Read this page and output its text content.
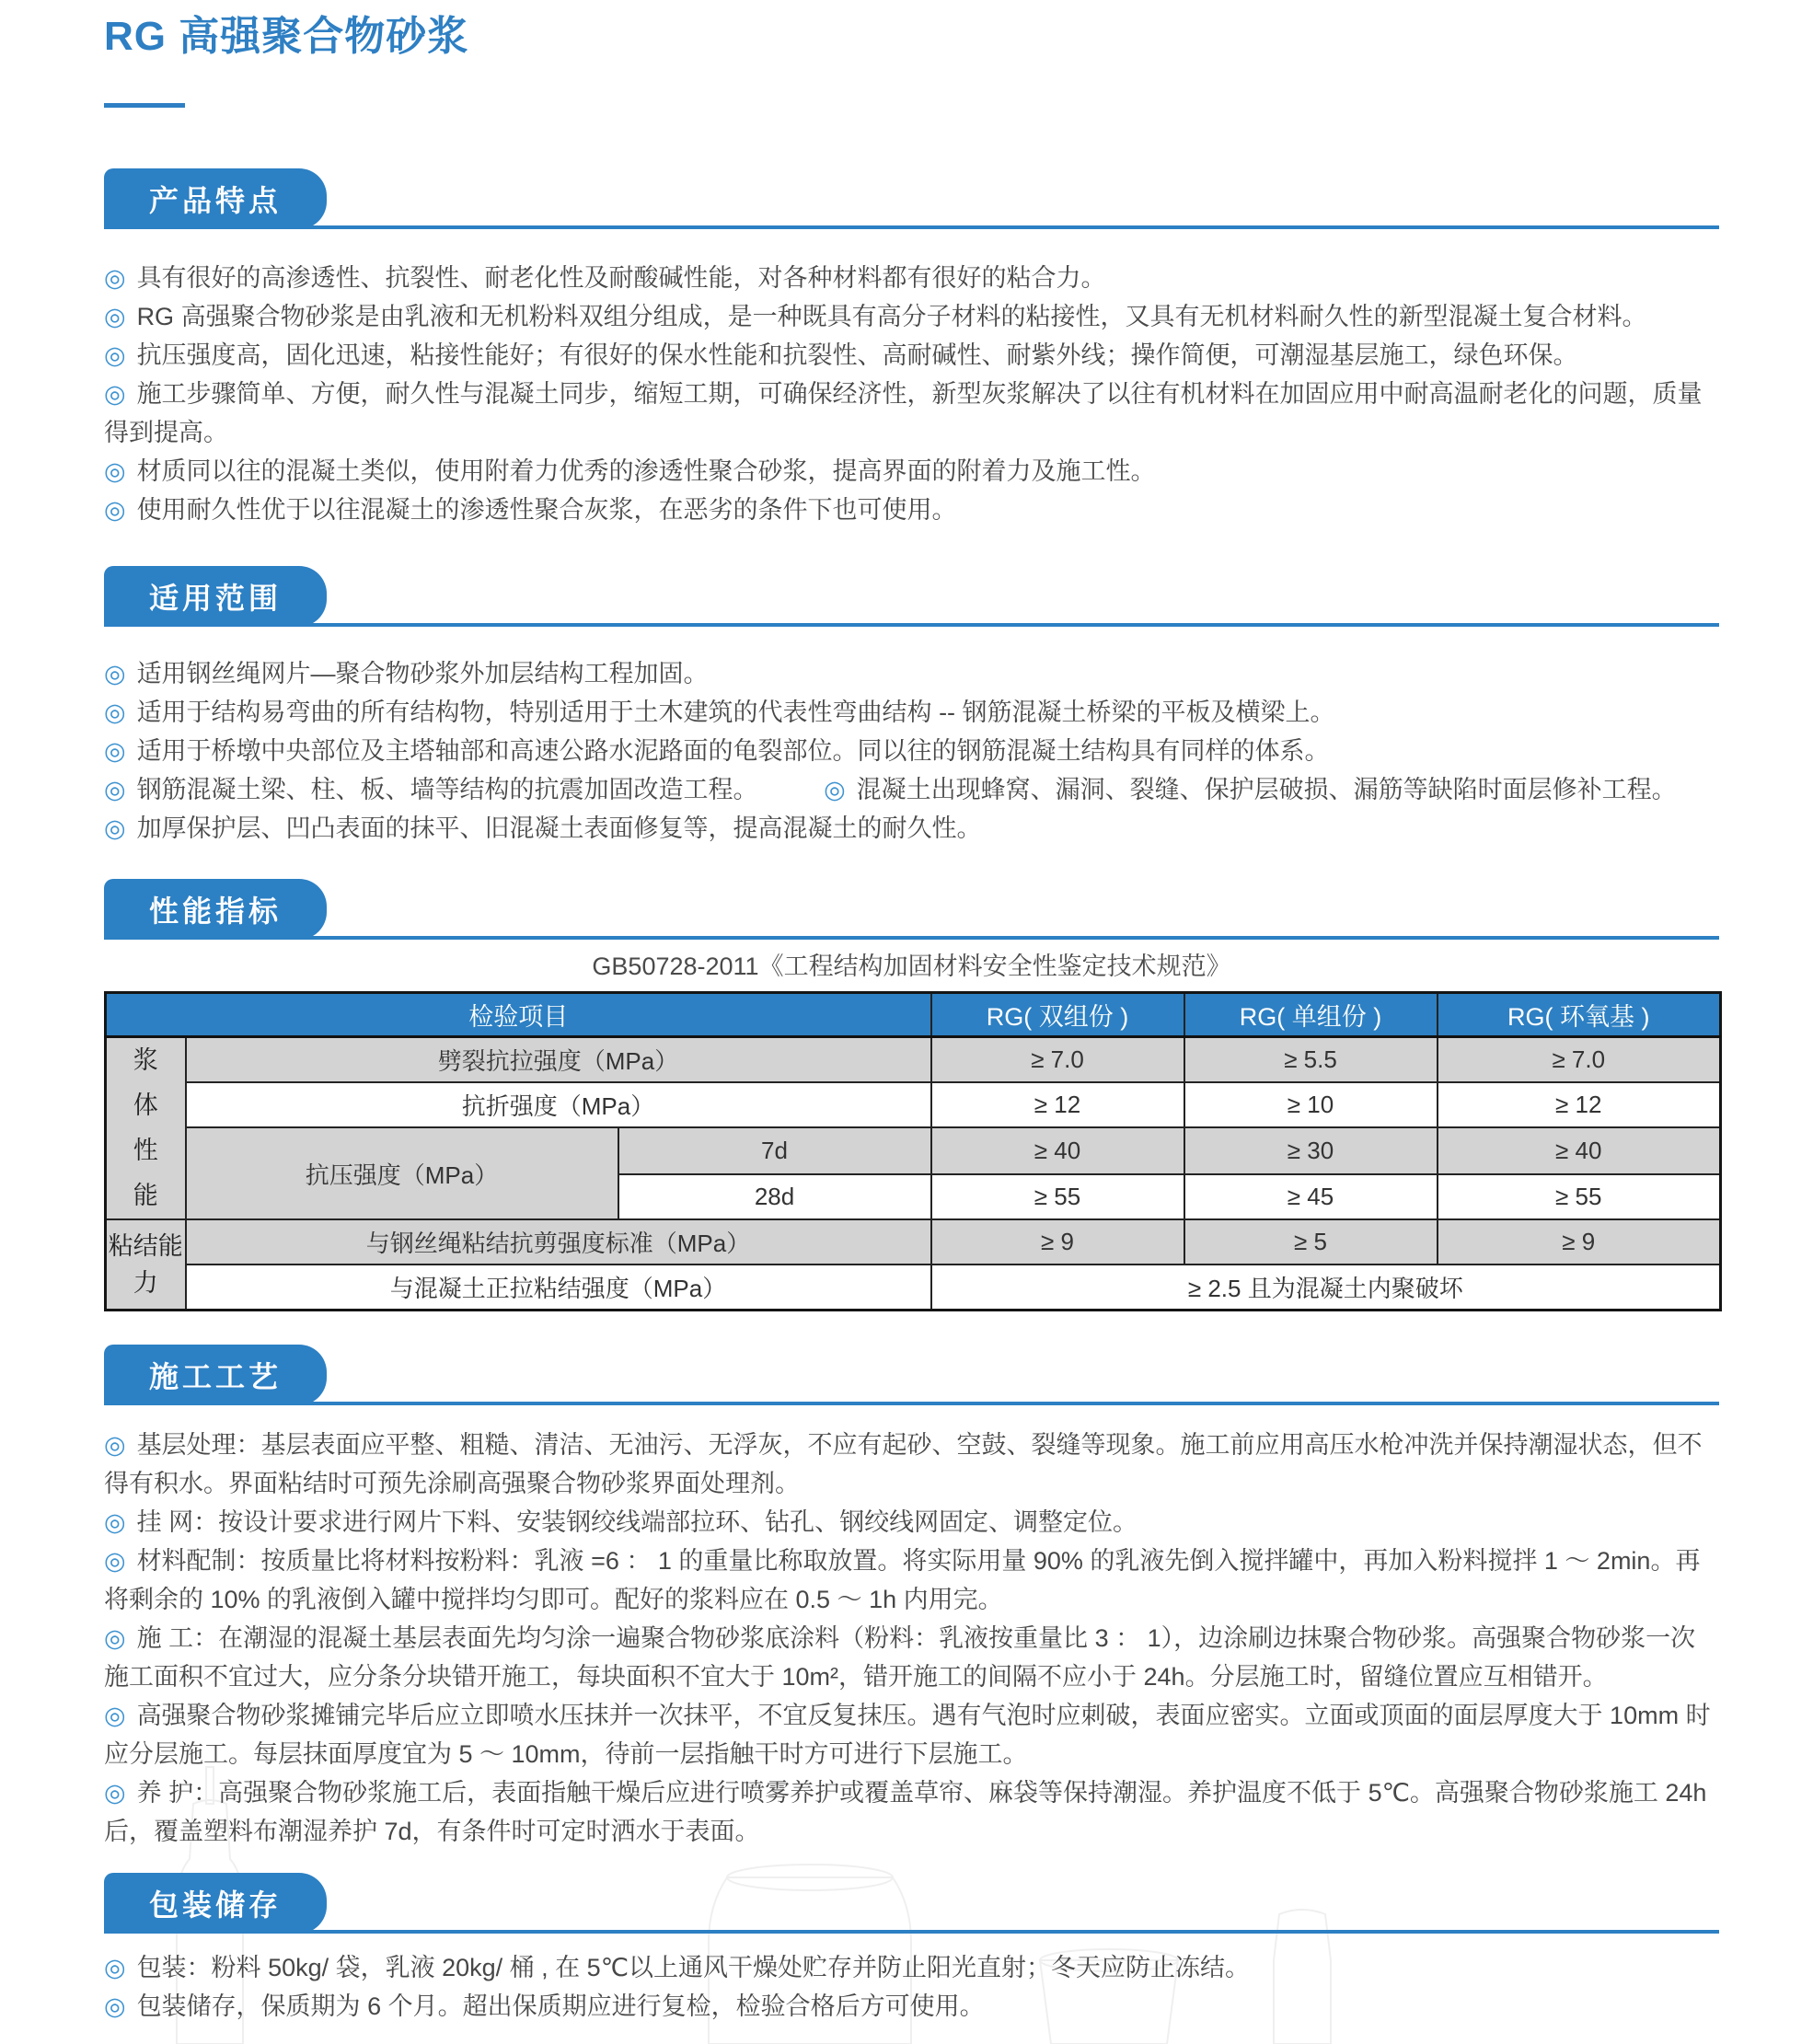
RG 高强聚合物砂浆
产品特点

◎ 具有很好的高渗透性、抗裂性、耐老化性及耐酸碱性能，对各种材料都有很好的粘合力。

◎ RG 高强聚合物砂浆是由乳液和无机粉料双组分组成，是一种既具有高分子材料的粘接性，又具有无机材料耐久性的新型混凝土复合材料。

◎ 抗压强度高，固化迅速，粘接性能好；有很好的保水性能和抗裂性、高耐碱性、耐紫外线；操作简便，可潮湿基层施工，绿色环保。

◎ 施工步骤简单、方便，耐久性与混凝土同步，缩短工期，可确保经济性，新型灰浆解决了以往有机材料在加固应用中耐高温耐老化的问题，质量得到提高。

◎ 材质同以往的混凝土类似，使用附着力优秀的渗透性聚合砂浆，提高界面的附着力及施工性。

◎ 使用耐久性优于以往混凝土的渗透性聚合灰浆，在恶劣的条件下也可使用。

适用范围

◎ 适用钢丝绳网片—聚合物砂浆外加层结构工程加固。

◎ 适用于结构易弯曲的所有结构物，特别适用于土木建筑的代表性弯曲结构 -- 钢筋混凝土桥梁的平板及横梁上。

◎ 适用于桥墩中央部位及主塔轴部和高速公路水泥路面的龟裂部位。同以往的钢筋混凝土结构具有同样的体系。

◎ 钢筋混凝土梁、柱、板、墙等结构的抗震加固改造工程。	◎ 混凝土出现蜂窝、漏洞、裂缝、保护层破损、漏筋等缺陷时面层修补工程。

◎ 加厚保护层、凹凸表面的抹平、旧混凝土表面修复等，提高混凝土的耐久性。

性能指标
GB50728-2011《工程结构加固材料安全性鉴定技术规范》
检验项目			RG( 双组份 )	RG( 单组份 )	RG( 环氧基 )

浆体性能	劈裂抗拉强度（MPa）		≥ 7.0	≥ 5.5	≥ 7.0
	抗折强度（MPa）		≥ 12	≥ 10	≥ 12
	抗压强度（MPa）	7d	≥ 40	≥ 30	≥ 40
		28d	≥ 55	≥ 45	≥ 55

粘结能力	与钢丝绳粘结抗剪强度标准（MPa）		≥ 9	≥ 5	≥ 9
	与混凝土正拉粘结强度（MPa）		≥ 2.5 且为混凝土内聚破坏		
施工工艺

◎ 基层处理：基层表面应平整、粗糙、清洁、无油污、无浮灰，不应有起砂、空鼓、裂缝等现象。施工前应用高压水枪冲洗并保持潮湿状态，但不得有积水。界面粘结时可预先涂刷高强聚合物砂浆界面处理剂。

◎ 挂 网：按设计要求进行网片下料、安装钢绞线端部拉环、钻孔、钢绞线网固定、调整定位。

◎ 材料配制：按质量比将材料按粉料：乳液 =6 ： 1 的重量比称取放置。将实际用量 90% 的乳液先倒入搅拌罐中，再加入粉料搅拌 1 ～ 2min。再将剩余的 10% 的乳液倒入罐中搅拌均匀即可。配好的浆料应在 0.5 ～ 1h 内用完。

◎ 施 工：在潮湿的混凝土基层表面先均匀涂一遍聚合物砂浆底涂料（粉料：乳液按重量比 3 ： 1），边涂刷边抹聚合物砂浆。高强聚合物砂浆一次施工面积不宜过大，应分条分块错开施工，每块面积不宜大于 10m²，错开施工的间隔不应小于 24h。分层施工时，留缝位置应互相错开。

◎ 高强聚合物砂浆摊铺完毕后应立即喷水压抹并一次抹平，不宜反复抹压。遇有气泡时应刺破，表面应密实。立面或顶面的面层厚度大于 10mm 时应分层施工。每层抹面厚度宜为 5 ～ 10mm，待前一层指触干时方可进行下层施工。

◎ 养 护：高强聚合物砂浆施工后，表面指触干燥后应进行喷雾养护或覆盖草帘、麻袋等保持潮湿。养护温度不低于 5℃。高强聚合物砂浆施工 24h 后，覆盖塑料布潮湿养护 7d，有条件时可定时洒水于表面。

包装储存

◎ 包装：粉料 50kg/ 袋，乳液 20kg/ 桶 , 在 5℃以上通风干燥处贮存并防止阳光直射；冬天应防止冻结。

◎ 包装储存，保质期为 6 个月。超出保质期应进行复检，检验合格后方可使用。
